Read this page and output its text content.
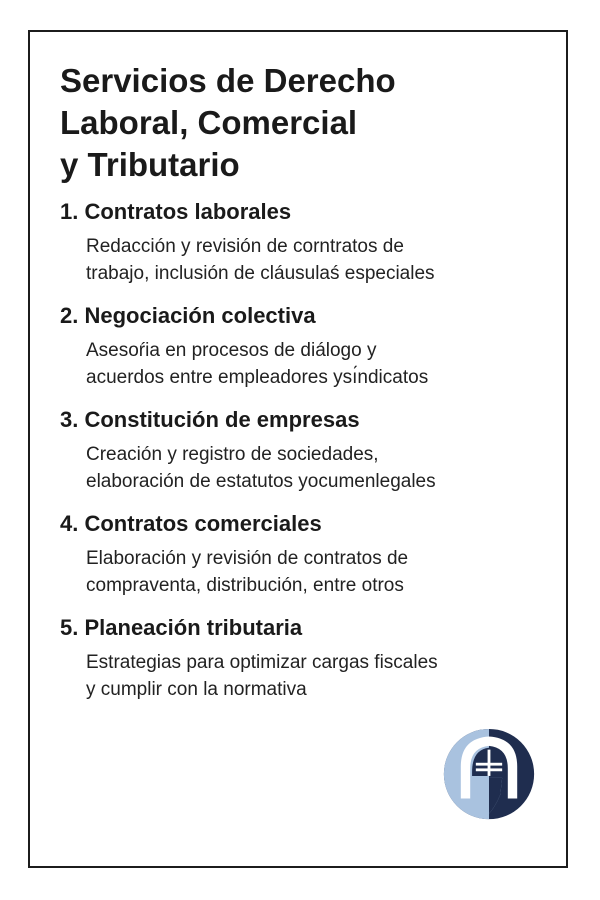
Servicios de Derecho
Laboral, Comercial
y Tributario
1. Contratos laborales
Redacción y revisión de corntratos de
trabajo, inclusión de cláusulaś especiales
2. Negociación colectiva
Asesoŕia en procesos de diálogo y
acuerdos entre empleadores ysı́ndicatos
3. Constitución de empresas
Creación y registro de sociedades,
elaboración de estatutos yocumenlegales
4. Contratos comerciales
Elaboración y revisión de contratos de
compraventa, distribución, entre otros
5. Planeación tributaria
Estrategias para optimizar cargas fiscales
y cumplir con la normativa
